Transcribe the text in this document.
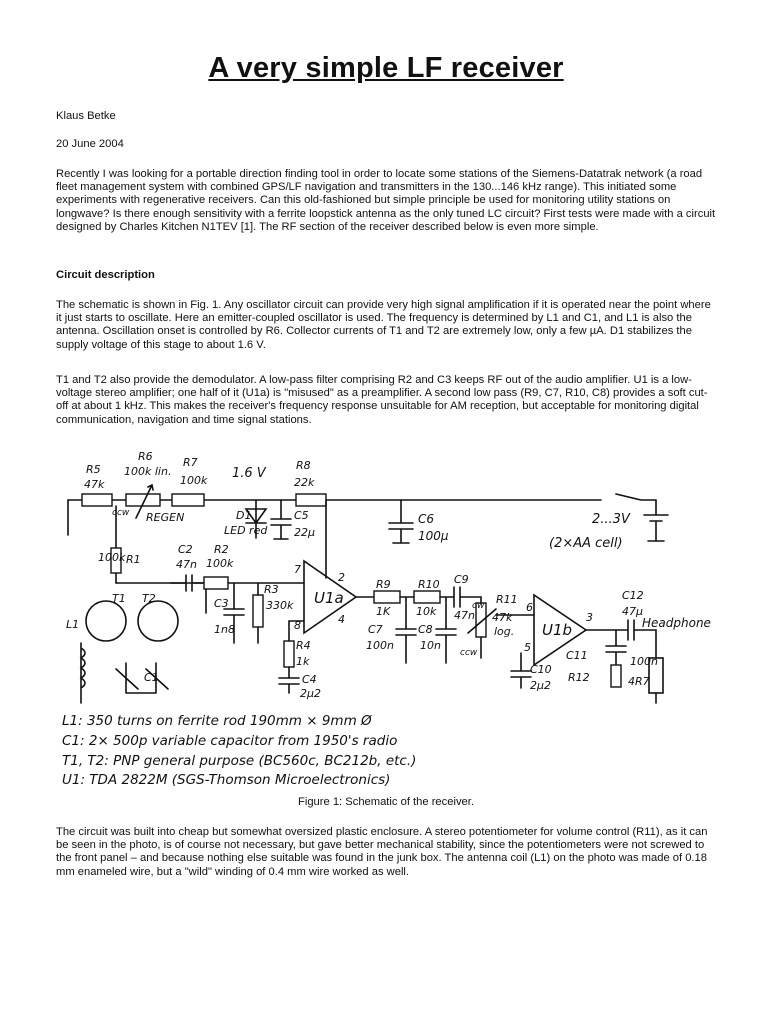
A very simple LF receiver

Klaus Betke

20 June 2004

Recently I was looking for a portable direction finding tool in order to locate some stations of the Siemens-Datatrak network (a road fleet management system with combined GPS/LF navigation and transmitters in the 130...146 kHz range). This initiated some experiments with regenerative receivers. Can this old-fashioned but simple principle be used for monitoring utility stations on longwave? Is there enough sensitivity with a ferrite loopstick antenna as the only tuned LC circuit? First tests were made with a circuit designed by Charles Kitchen N1TEV [1]. The RF section of the receiver described below is even more simple.

Circuit description

The schematic is shown in Fig. 1. Any oscillator circuit can provide very high signal amplification if it is operated near the point where it just starts to oscillate. Here an emitter-coupled oscillator is used. The frequency is determined by L1 and C1, and L1 is also the antenna. Oscillation onset is controlled by R6. Collector currents of T1 and T2 are extremely low, only a few µA. D1 stabilizes the supply voltage of this stage to about 1.6 V.

T1 and T2 also provide the demodulator. A low-pass filter comprising R2 and C3 keeps RF out of the audio amplifier. U1 is a low-voltage stereo amplifier; one half of it (U1a) is "misused" as a preamplifier. A second low pass (R9, C7, R10, C8) provides a soft cut-off at about 1 kHz. This makes the receiver's frequency response unsuitable for AM reception, but acceptable for monitoring digital communication, navigation and time signal stations.

R5
47k
R6
100k lin.
R7
100k 1.6 V
R8
22k
ccw REGEN	D1
LED red
C5
22µ
C6
100µ
2...3V
(2×AA cell)
100k R1
C2
47n
R2
100k
T1 T2
L1
C1
C3
1n8
R3
330k
7
8
2
4
U1a
R4
1k
C4
2µ2
R9
1K
R10
10k
C9
47n
C7
100n
C8
10n
R11
47k
log.
cw
ccw
6
5
C10
2µ2
U1b
3
C11	100n
R12	4R7
C12
47µ
Headphone
L1: 350 turns on ferrite rod 190mm × 9mm Ø
C1: 2× 500p variable capacitor from 1950's radio
T1, T2: PNP general purpose (BC560c, BC212b, etc.)
U1: TDA 2822M (SGS-Thomson Microelectronics)

Figure 1: Schematic of the receiver.

The circuit was built into cheap but somewhat oversized plastic enclosure. A stereo potentiometer for volume control (R11), as it can be seen in the photo, is of course not necessary, but gave better mechanical stability, since the potentiometers were not screwed to the front panel – and because nothing else suitable was found in the junk box. The antenna coil (L1) on the photo was made of 0.18 mm enameled wire, but a "wild" winding of 0.4 mm wire worked as well.
